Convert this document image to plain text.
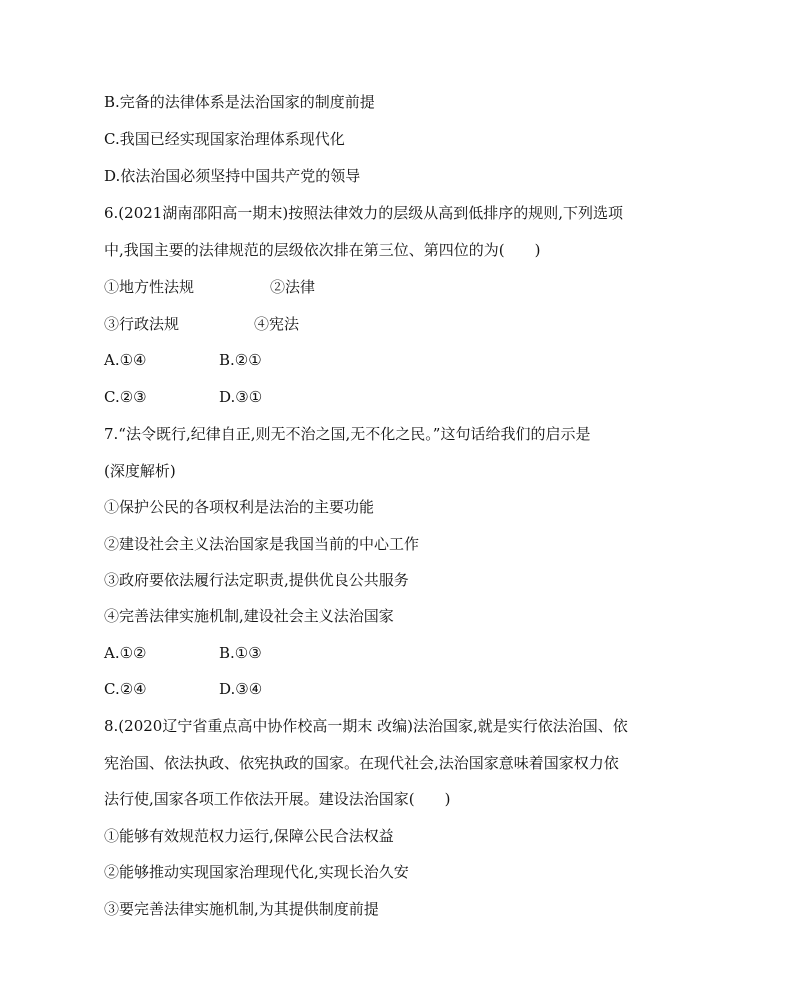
B.完备的法律体系是法治国家的制度前提
C.我国已经实现国家治理体系现代化
D.依法治国必须坚持中国共产党的领导
6.(2021湖南邵阳高一期末)按照法律效力的层级从高到低排序的规则,下列选项
中,我国主要的法律规范的层级依次排在第三位、第四位的为(　　)
①地方性法规	②法律
③行政法规	④宪法
A.①④	B.②①
C.②③	D.③①
7.“法令既行,纪律自正,则无不治之国,无不化之民。”这句话给我们的启示是
(深度解析)
①保护公民的各项权利是法治的主要功能
②建设社会主义法治国家是我国当前的中心工作
③政府要依法履行法定职责,提供优良公共服务
④完善法律实施机制,建设社会主义法治国家
A.①②	B.①③
C.②④	D.③④
8.(2020辽宁省重点高中协作校高一期末 改编)法治国家,就是实行依法治国、依
宪治国、依法执政、依宪执政的国家。在现代社会,法治国家意味着国家权力依
法行使,国家各项工作依法开展。建设法治国家(　　)
①能够有效规范权力运行,保障公民合法权益
②能够推动实现国家治理现代化,实现长治久安
③要完善法律实施机制,为其提供制度前提
